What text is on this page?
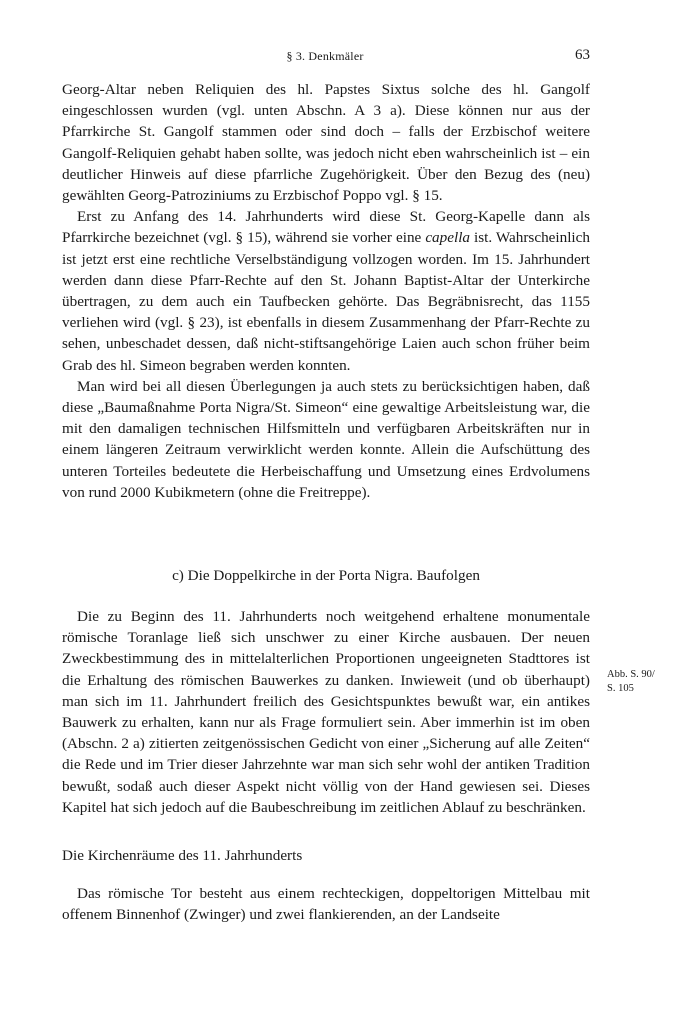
§ 3. Denkmäler	63

Georg-Altar neben Reliquien des hl. Papstes Sixtus solche des hl. Gangolf eingeschlossen wurden (vgl. unten Abschn. A 3 a). Diese können nur aus der Pfarrkirche St. Gangolf stammen oder sind doch – falls der Erzbischof weitere Gangolf-Reliquien gehabt haben sollte, was jedoch nicht eben wahrscheinlich ist – ein deutlicher Hinweis auf diese pfarrliche Zugehörigkeit. Über den Bezug des (neu) gewählten Georg-Patroziniums zu Erzbischof Poppo vgl. § 15.

Erst zu Anfang des 14. Jahrhunderts wird diese St. Georg-Kapelle dann als Pfarrkirche bezeichnet (vgl. § 15), während sie vorher eine capella ist. Wahrscheinlich ist jetzt erst eine rechtliche Verselbständigung vollzogen worden. Im 15. Jahrhundert werden dann diese Pfarr-Rechte auf den St. Johann Baptist-Altar der Unterkirche übertragen, zu dem auch ein Taufbecken gehörte. Das Begräbnisrecht, das 1155 verliehen wird (vgl. § 23), ist ebenfalls in diesem Zusammenhang der Pfarr-Rechte zu sehen, unbeschadet dessen, daß nicht-stiftsangehörige Laien auch schon früher beim Grab des hl. Simeon begraben werden konnten.

Man wird bei all diesen Überlegungen ja auch stets zu berücksichtigen haben, daß diese „Baumaßnahme Porta Nigra/St. Simeon“ eine gewaltige Arbeitsleistung war, die mit den damaligen technischen Hilfsmitteln und verfügbaren Arbeitskräften nur in einem längeren Zeitraum verwirklicht werden konnte. Allein die Aufschüttung des unteren Torteiles bedeutete die Herbeischaffung und Umsetzung eines Erdvolumens von rund 2000 Kubikmetern (ohne die Freitreppe).

c) Die Doppelkirche in der Porta Nigra. Baufolgen

Die zu Beginn des 11. Jahrhunderts noch weitgehend erhaltene monumentale römische Toranlage ließ sich unschwer zu einer Kirche ausbauen. Der neuen Zweckbestimmung des in mittelalterlichen Proportionen ungeeigneten Stadttores ist die Erhaltung des römischen Bauwerkes zu danken. Inwieweit (und ob überhaupt) man sich im 11. Jahrhundert freilich des Gesichtspunktes bewußt war, ein antikes Bauwerk zu erhalten, kann nur als Frage formuliert sein. Aber immerhin ist im oben (Abschn. 2 a) zitierten zeitgenössischen Gedicht von einer „Sicherung auf alle Zeiten“ die Rede und im Trier dieser Jahrzehnte war man sich sehr wohl der antiken Tradition bewußt, sodaß auch dieser Aspekt nicht völlig von der Hand gewiesen sei. Dieses Kapitel hat sich jedoch auf die Baubeschreibung im zeitlichen Ablauf zu beschränken.

Abb. S. 90/
S. 105
Die Kirchenräume des 11. Jahrhunderts

Das römische Tor besteht aus einem rechteckigen, doppeltorigen Mittelbau mit offenem Binnenhof (Zwinger) und zwei flankierenden, an der Landseite
